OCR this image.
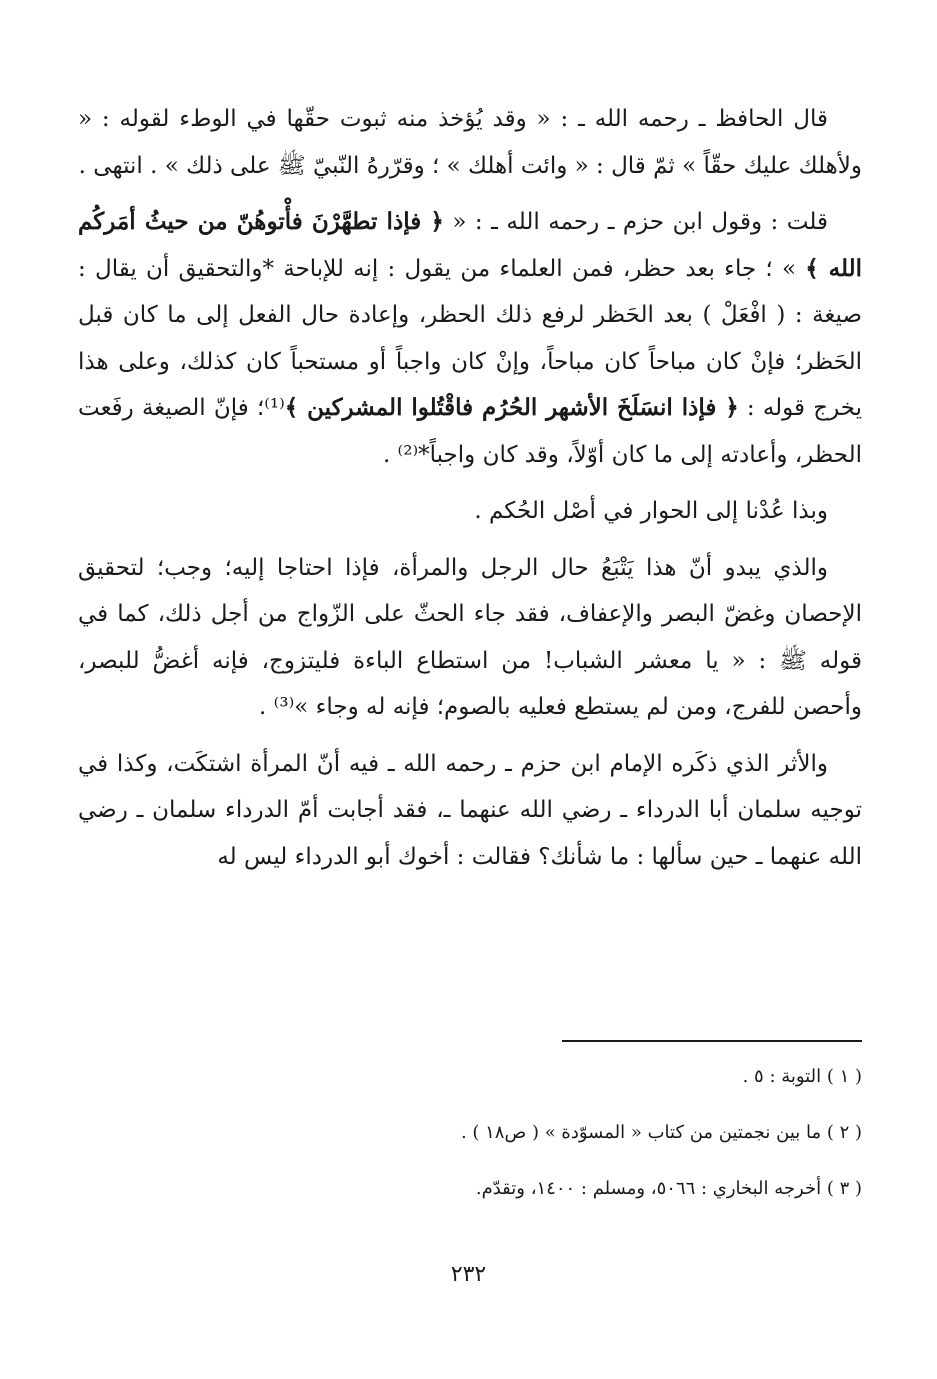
قال الحافظ ـ رحمه الله ـ : « وقد يُؤخذ منه ثبوت حقّها في الوطء لقوله : « ولأهلك عليك حقّاً » ثمّ قال : « وائت أهلك » ؛ وقرّرهُ النّبيّ ﷺ على ذلك » . انتهى .

قلت : وقول ابن حزم ـ رحمه الله ـ : « ﴿ فإذا تطهَّرْنَ فأْتوهُنّ من حيثُ أمَركُم الله ﴾ » ؛ جاء بعد حظر، فمن العلماء من يقول : إنه للإباحة *والتحقيق أن يقال : صيغة : ( افْعَلْ ) بعد الحَظر لرفع ذلك الحظر، وإعادة حال الفعل إلى ما كان قبل الحَظر؛ فإنْ كان مباحاً كان مباحاً، وإنْ كان واجباً أو مستحباً كان كذلك، وعلى هذا يخرج قوله : ﴿ فإذا انسَلَخَ الأشهر الحُرُم فاقْتُلوا المشركين ﴾⁽¹⁾؛ فإنّ الصيغة رفَعت الحظر، وأعادته إلى ما كان أوّلاً، وقد كان واجباً*⁽²⁾ .

وبذا عُدْنا إلى الحوار في أصْل الحُكم .

والذي يبدو أنّ هذا يَتْبَعُ حال الرجل والمرأة، فإذا احتاجا إليه؛ وجب؛ لتحقيق الإحصان وغضّ البصر والإعفاف، فقد جاء الحثّ على الزّواج من أجل ذلك، كما في قوله ﷺ : « يا معشر الشباب! من استطاع الباءة فليتزوج، فإنه أغضُّ للبصر، وأحصن للفرج، ومن لم يستطع فعليه بالصوم؛ فإنه له وجاء »⁽³⁾ .

والأثر الذي ذكَره الإمام ابن حزم ـ رحمه الله ـ فيه أنّ المرأة اشتكَت، وكذا في توجيه سلمان أبا الدرداء ـ رضي الله عنهما ـ، فقد أجابت أمّ الدرداء سلمان ـ رضي الله عنهما ـ حين سألها : ما شأنك؟ فقالت : أخوك أبو الدرداء ليس له

( ١ ) التوبة : ٥ .
( ٢ ) ما بين نجمتين من كتاب « المسوّدة » ( ص١٨ ) .
( ٣ ) أخرجه البخاري : ٥٠٦٦، ومسلم : ١٤٠٠، وتقدّم.
٢٣٢
